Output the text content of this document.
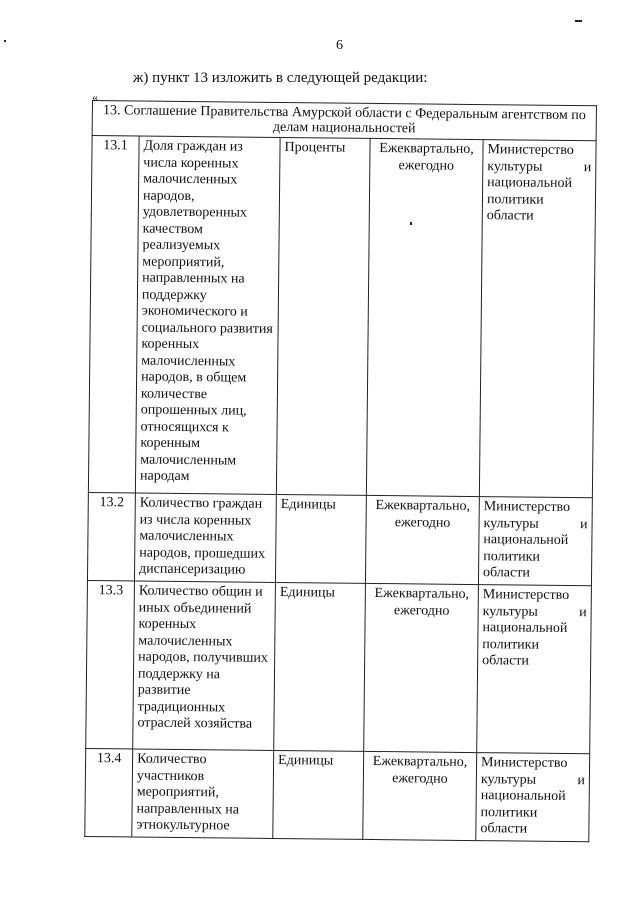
6
ж) пункт 13 изложить в следующей редакции:
«
13. Соглашение Правительства Амурской области с Федеральным агентством по делам национальностей				
13.1	Доля граждан из числа коренных малочисленных народов, удовлетворенных качеством реализуемых мероприятий, направленных на поддержку экономического и социального развития коренных малочисленных народов, в общем количестве опрошенных лиц, относящихся к коренным малочисленным народам	Проценты	Ежеквартально, ежегодно	Министерство культуры и национальной политики области
13.2	Количество граждан из числа коренных малочисленных народов, прошедших диспансеризацию	Единицы	Ежеквартально, ежегодно	Министерство культуры и национальной политики области
13.3	Количество общин и иных объединений коренных малочисленных народов, получивших поддержку на развитие традиционных отраслей хозяйства	Единицы	Ежеквартально, ежегодно	Министерство культуры и национальной политики области
13.4	Количество участников мероприятий, направленных на этнокультурное	Единицы	Ежеквартально, ежегодно	Министерство культуры и национальной политики области
